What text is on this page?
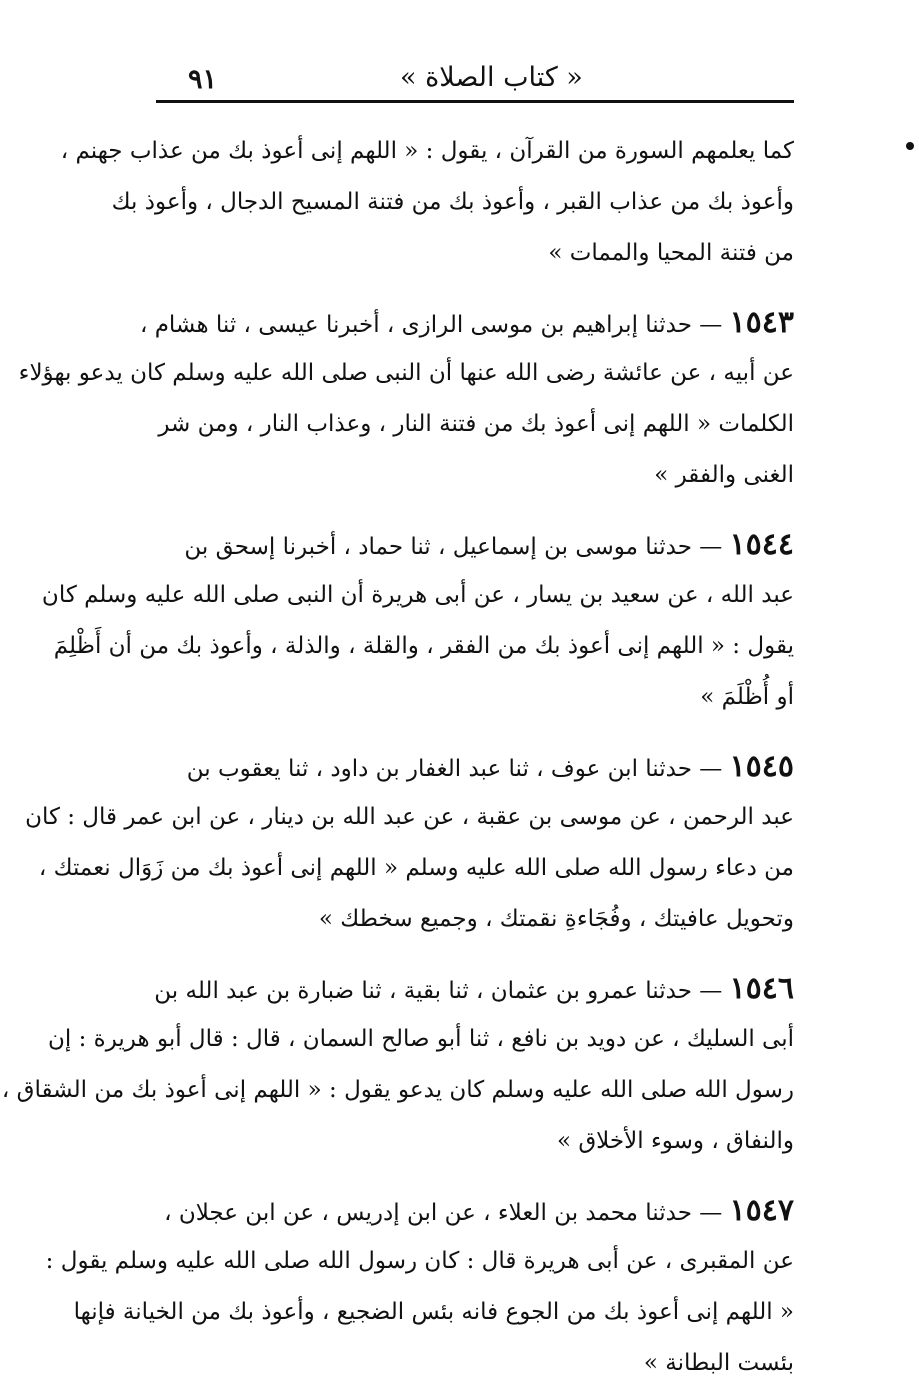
٩١	« كتاب الصلاة »
كما يعلمهم السورة من القرآن ، يقول : « اللهم إنى أعوذ بك من عذاب جهنم ،
وأعوذ بك من عذاب القبر ، وأعوذ بك من فتنة المسيح الدجال ، وأعوذ بك
من فتنة المحيا والممات »
١٥٤٣ — حدثنا إبراهيم بن موسى الرازى ، أخبرنا عيسى ، ثنا هشام ،
عن أبيه ، عن عائشة رضى الله عنها أن النبى صلى الله عليه وسلم كان يدعو بهؤلاء
الكلمات « اللهم إنى أعوذ بك من فتنة النار ، وعذاب النار ، ومن شر
الغنى والفقر »
١٥٤٤ — حدثنا موسى بن إسماعيل ، ثنا حماد ، أخبرنا إسحق بن
عبد الله ، عن سعيد بن يسار ، عن أبى هريرة أن النبى صلى الله عليه وسلم كان
يقول : « اللهم إنى أعوذ بك من الفقر ، والقلة ، والذلة ، وأعوذ بك من أن أَظْلِمَ
أو أُظْلَمَ »
١٥٤٥ — حدثنا ابن عوف ، ثنا عبد الغفار بن داود ، ثنا يعقوب بن
عبد الرحمن ، عن موسى بن عقبة ، عن عبد الله بن دينار ، عن ابن عمر قال : كان
من دعاء رسول الله صلى الله عليه وسلم « اللهم إنى أعوذ بك من زَوَال نعمتك ،
وتحويل عافيتك ، وفُجَاءةِ نقمتك ، وجميع سخطك »
١٥٤٦ — حدثنا عمرو بن عثمان ، ثنا بقية ، ثنا ضبارة بن عبد الله بن
أبى السليك ، عن دويد بن نافع ، ثنا أبو صالح السمان ، قال : قال أبو هريرة : إن
رسول الله صلى الله عليه وسلم كان يدعو يقول : « اللهم إنى أعوذ بك من الشقاق ،
والنفاق ، وسوء الأخلاق »
١٥٤٧ — حدثنا محمد بن العلاء ، عن ابن إدريس ، عن ابن عجلان ،
عن المقبرى ، عن أبى هريرة قال : كان رسول الله صلى الله عليه وسلم يقول :
« اللهم إنى أعوذ بك من الجوع فانه بئس الضجيع ، وأعوذ بك من الخيانة فإنها
بئست البطانة »
